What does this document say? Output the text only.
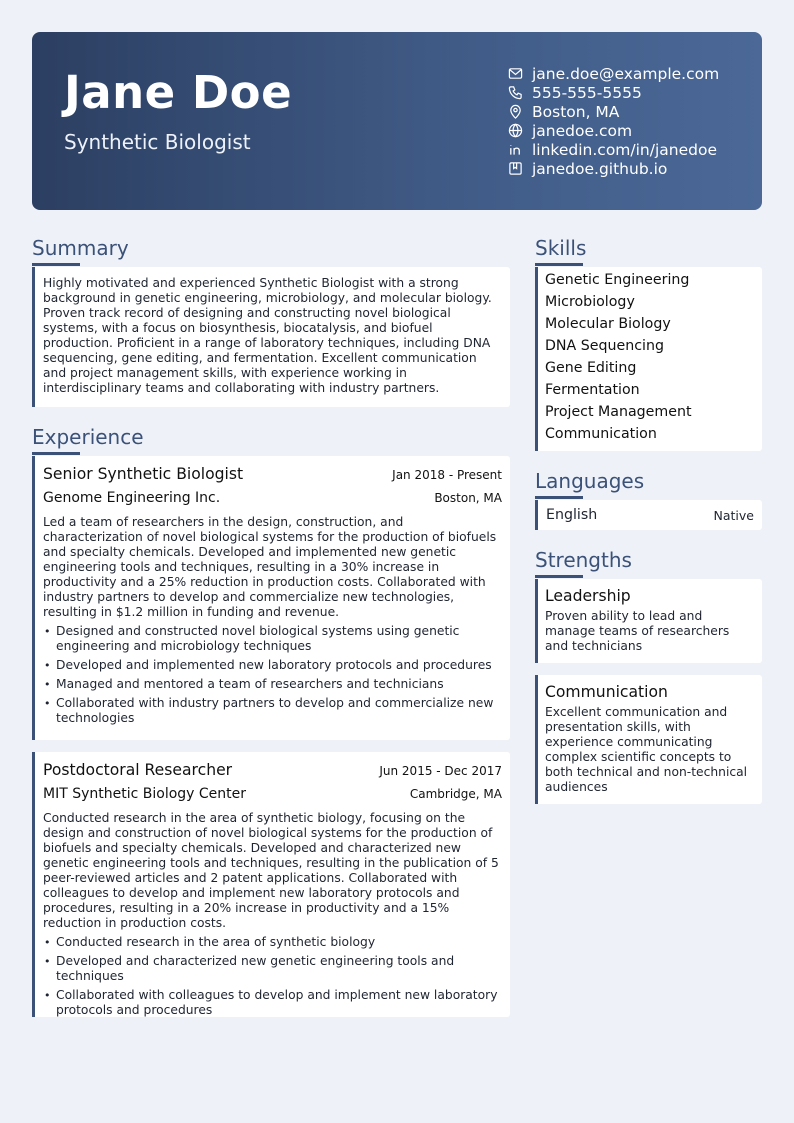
Jane Doe
Synthetic Biologist
jane.doe@example.com
555-555-5555
Boston, MA
janedoe.com
linkedin.com/in/janedoe
janedoe.github.io
Summary
Highly motivated and experienced Synthetic Biologist with a strong background in genetic engineering, microbiology, and molecular biology. Proven track record of designing and constructing novel biological systems, with a focus on biosynthesis, biocatalysis, and biofuel production. Proficient in a range of laboratory techniques, including DNA sequencing, gene editing, and fermentation. Excellent communication and project management skills, with experience working in interdisciplinary teams and collaborating with industry partners.
Experience
Senior Synthetic Biologist	Jan 2018 - Present
Genome Engineering Inc.	Boston, MA
Led a team of researchers in the design, construction, and characterization of novel biological systems for the production of biofuels and specialty chemicals. Developed and implemented new genetic engineering tools and techniques, resulting in a 30% increase in productivity and a 25% reduction in production costs. Collaborated with industry partners to develop and commercialize new technologies, resulting in $1.2 million in funding and revenue.
• Designed and constructed novel biological systems using genetic engineering and microbiology techniques
• Developed and implemented new laboratory protocols and procedures
• Managed and mentored a team of researchers and technicians
• Collaborated with industry partners to develop and commercialize new technologies
Postdoctoral Researcher	Jun 2015 - Dec 2017
MIT Synthetic Biology Center	Cambridge, MA
Conducted research in the area of synthetic biology, focusing on the design and construction of novel biological systems for the production of biofuels and specialty chemicals. Developed and characterized new genetic engineering tools and techniques, resulting in the publication of 5 peer-reviewed articles and 2 patent applications. Collaborated with colleagues to develop and implement new laboratory protocols and procedures, resulting in a 20% increase in productivity and a 15% reduction in production costs.
• Conducted research in the area of synthetic biology
• Developed and characterized new genetic engineering tools and techniques
• Collaborated with colleagues to develop and implement new laboratory protocols and procedures
Skills
Genetic Engineering
Microbiology
Molecular Biology
DNA Sequencing
Gene Editing
Fermentation
Project Management
Communication
Languages
English	Native
Strengths
Leadership
Proven ability to lead and manage teams of researchers and technicians
Communication
Excellent communication and presentation skills, with experience communicating complex scientific concepts to both technical and non-technical audiences
